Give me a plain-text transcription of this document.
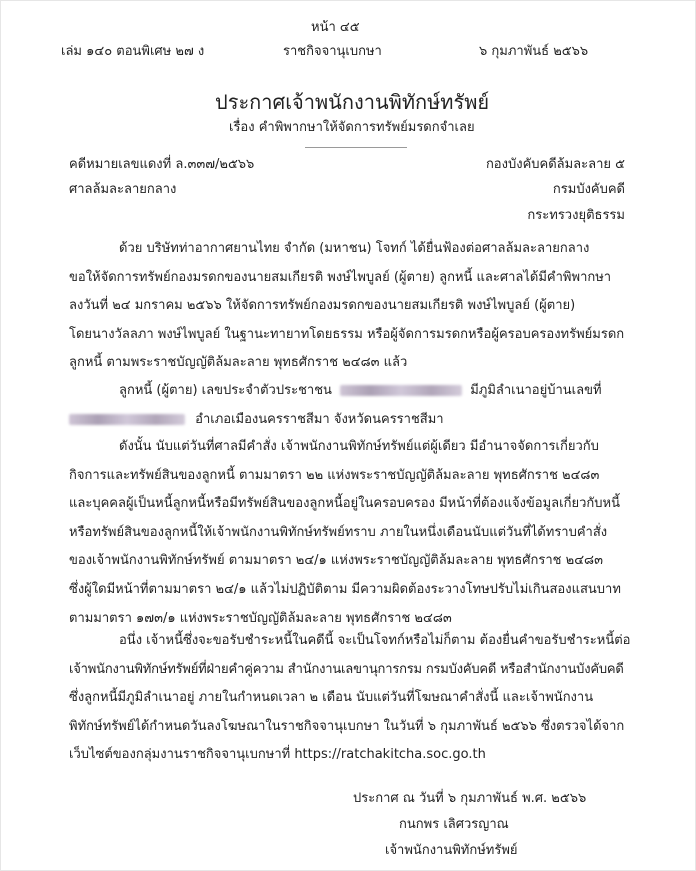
หน้า ๔๕
เล่ม ๑๔๐ ตอนพิเศษ ๒๗ ง	ราชกิจจานุเบกษา	๖ กุมภาพันธ์ ๒๕๖๖
ประกาศเจ้าพนักงานพิทักษ์ทรัพย์
เรื่อง คำพิพากษาให้จัดการทรัพย์มรดกจำเลย
คดีหมายเลขแดงที่ ล.๓๓๗/๒๕๖๖
ศาลล้มละลายกลาง
กองบังคับคดีล้มละลาย ๕
กรมบังคับคดี
กระทรวงยุติธรรม
ด้วย บริษัทท่าอากาศยานไทย จำกัด (มหาชน) โจทก์ ได้ยื่นฟ้องต่อศาลล้มละลายกลาง
ขอให้จัดการทรัพย์กองมรดกของนายสมเกียรติ พงษ์ไพบูลย์ (ผู้ตาย) ลูกหนี้ และศาลได้มีคำพิพากษา
ลงวันที่ ๒๔ มกราคม ๒๕๖๖ ให้จัดการทรัพย์กองมรดกของนายสมเกียรติ พงษ์ไพบูลย์ (ผู้ตาย)
โดยนางวัลลภา พงษ์ไพบูลย์ ในฐานะทายาทโดยธรรม หรือผู้จัดการมรดกหรือผู้ครอบครองทรัพย์มรดก
ลูกหนี้ ตามพระราชบัญญัติล้มละลาย พุทธศักราช ๒๔๘๓ แล้ว
ลูกหนี้ (ผู้ตาย) เลขประจำตัวประชาชน	มีภูมิลำเนาอยู่บ้านเลขที่
อำเภอเมืองนครราชสีมา จังหวัดนครราชสีมา
ดังนั้น นับแต่วันที่ศาลมีคำสั่ง เจ้าพนักงานพิทักษ์ทรัพย์แต่ผู้เดียว มีอำนาจจัดการเกี่ยวกับ
กิจการและทรัพย์สินของลูกหนี้ ตามมาตรา ๒๒ แห่งพระราชบัญญัติล้มละลาย พุทธศักราช ๒๔๘๓
และบุคคลผู้เป็นหนี้ลูกหนี้หรือมีทรัพย์สินของลูกหนี้อยู่ในครอบครอง มีหน้าที่ต้องแจ้งข้อมูลเกี่ยวกับหนี้
หรือทรัพย์สินของลูกหนี้ให้เจ้าพนักงานพิทักษ์ทรัพย์ทราบ ภายในหนึ่งเดือนนับแต่วันที่ได้ทราบคำสั่ง
ของเจ้าพนักงานพิทักษ์ทรัพย์ ตามมาตรา ๒๔/๑ แห่งพระราชบัญญัติล้มละลาย พุทธศักราช ๒๔๘๓
ซึ่งผู้ใดมีหน้าที่ตามมาตรา ๒๔/๑ แล้วไม่ปฏิบัติตาม มีความผิดต้องระวางโทษปรับไม่เกินสองแสนบาท
ตามมาตรา ๑๗๓/๑ แห่งพระราชบัญญัติล้มละลาย พุทธศักราช ๒๔๘๓
อนึ่ง เจ้าหนี้ซึ่งจะขอรับชำระหนี้ในคดีนี้ จะเป็นโจทก์หรือไม่ก็ตาม ต้องยื่นคำขอรับชำระหนี้ต่อ
เจ้าพนักงานพิทักษ์ทรัพย์ที่ฝ่ายคำคู่ความ สำนักงานเลขานุการกรม กรมบังคับคดี หรือสำนักงานบังคับคดี
ซึ่งลูกหนี้มีภูมิลำเนาอยู่ ภายในกำหนดเวลา ๒ เดือน นับแต่วันที่โฆษณาคำสั่งนี้ และเจ้าพนักงาน
พิทักษ์ทรัพย์ได้กำหนดวันลงโฆษณาในราชกิจจานุเบกษา ในวันที่ ๖ กุมภาพันธ์ ๒๕๖๖ ซึ่งตรวจได้จาก
เว็บไซต์ของกลุ่มงานราชกิจจานุเบกษาที่ https://ratchakitcha.soc.go.th
ประกาศ ณ วันที่ ๖ กุมภาพันธ์ พ.ศ. ๒๕๖๖
กนกพร เลิศวรญาณ
เจ้าพนักงานพิทักษ์ทรัพย์
